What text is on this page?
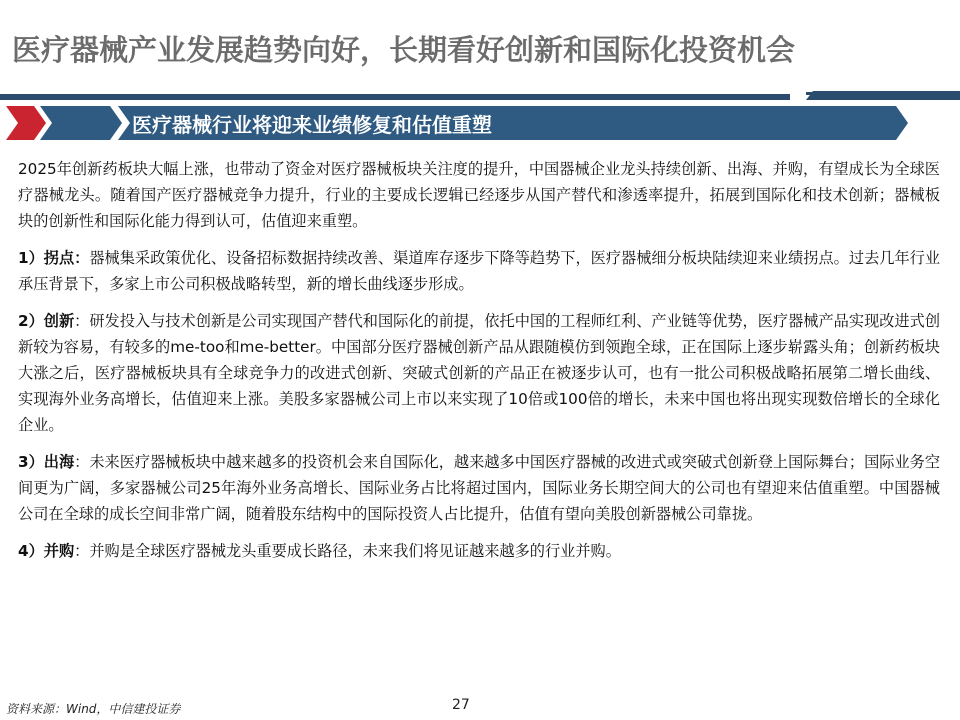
医疗器械产业发展趋势向好，长期看好创新和国际化投资机会
医疗器械行业将迎来业绩修复和估值重塑

2025年创新药板块大幅上涨，也带动了资金对医疗器械板块关注度的提升，中国器械企业龙头持续创新、出海、并购，有望成长为全球医疗器械龙头。随着国产医疗器械竞争力提升，行业的主要成长逻辑已经逐步从国产替代和渗透率提升，拓展到国际化和技术创新；器械板块的创新性和国际化能力得到认可，估值迎来重塑。

1）拐点：器械集采政策优化、设备招标数据持续改善、渠道库存逐步下降等趋势下，医疗器械细分板块陆续迎来业绩拐点。过去几年行业承压背景下，多家上市公司积极战略转型，新的增长曲线逐步形成。

2）创新：研发投入与技术创新是公司实现国产替代和国际化的前提，依托中国的工程师红利、产业链等优势，医疗器械产品实现改进式创新较为容易，有较多的me-too和me-better。中国部分医疗器械创新产品从跟随模仿到领跑全球，正在国际上逐步崭露头角；创新药板块大涨之后，医疗器械板块具有全球竞争力的改进式创新、突破式创新的产品正在被逐步认可，也有一批公司积极战略拓展第二增长曲线、实现海外业务高增长，估值迎来上涨。美股多家器械公司上市以来实现了10倍或100倍的增长，未来中国也将出现实现数倍增长的全球化企业。

3）出海：未来医疗器械板块中越来越多的投资机会来自国际化，越来越多中国医疗器械的改进式或突破式创新登上国际舞台；国际业务空间更为广阔，多家器械公司25年海外业务高增长、国际业务占比将超过国内，国际业务长期空间大的公司也有望迎来估值重塑。中国器械公司在全球的成长空间非常广阔，随着股东结构中的国际投资人占比提升，估值有望向美股创新器械公司靠拢。

4）并购：并购是全球医疗器械龙头重要成长路径，未来我们将见证越来越多的行业并购。

资料来源：Wind，中信建投证券	27
